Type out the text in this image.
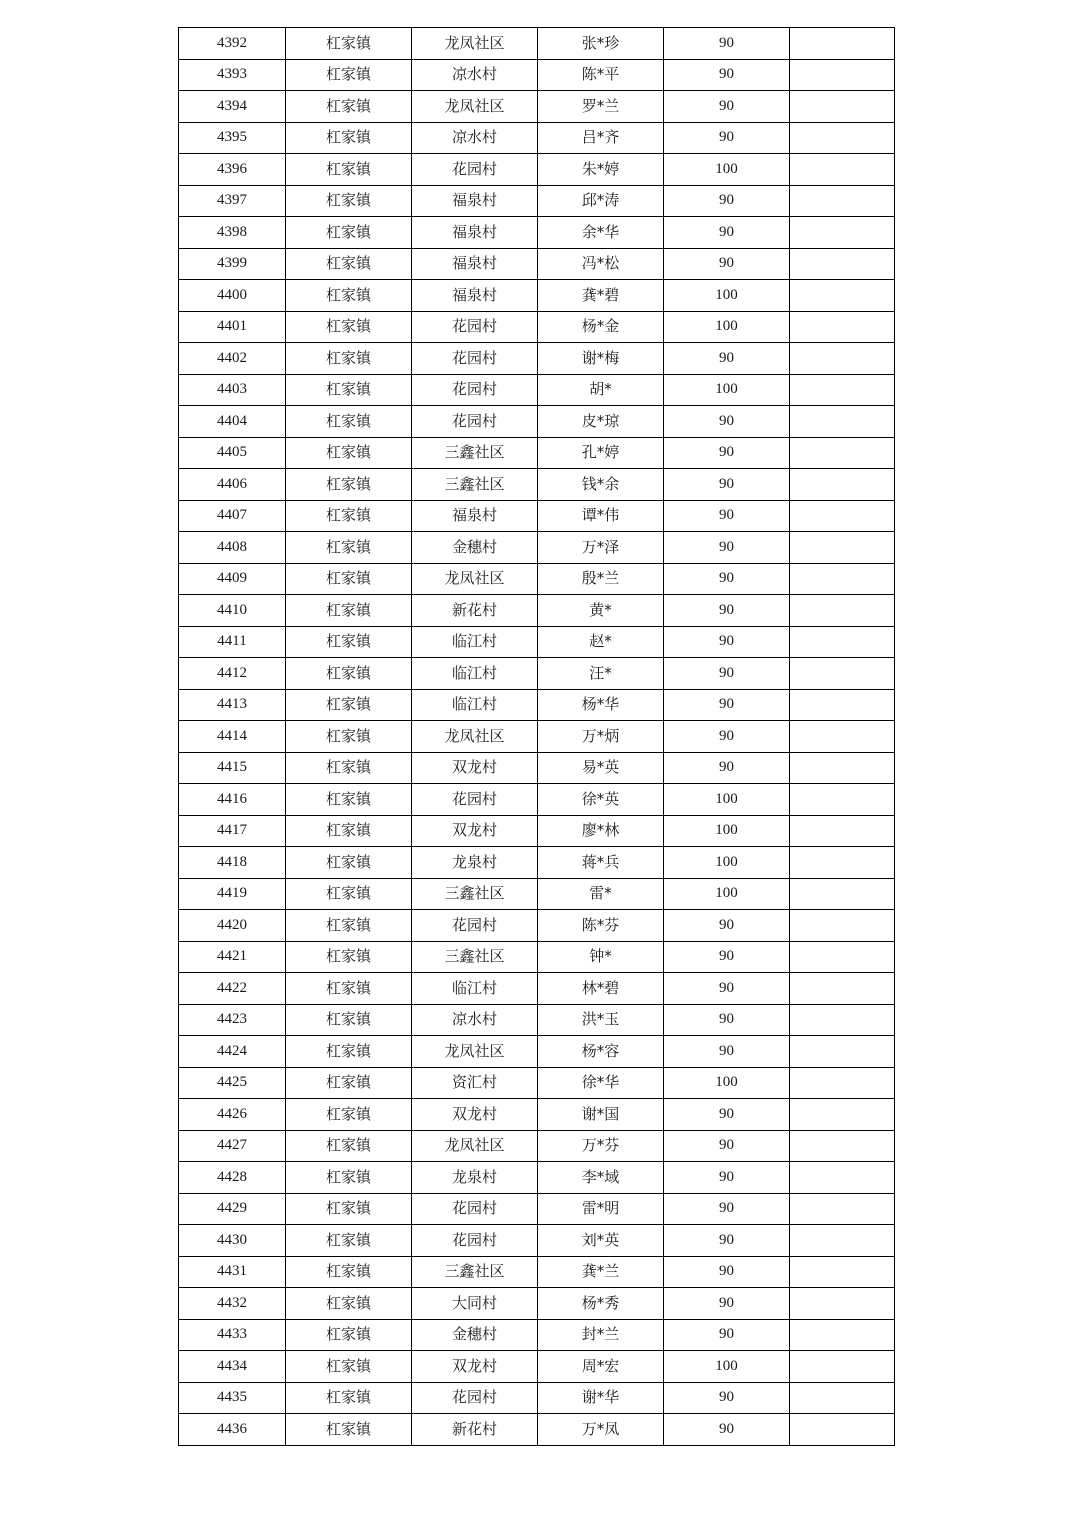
4392	杠家镇	龙凤社区	张*珍	90	
4393	杠家镇	凉水村	陈*平	90	
4394	杠家镇	龙凤社区	罗*兰	90	
4395	杠家镇	凉水村	吕*齐	90	
4396	杠家镇	花园村	朱*婷	100	
4397	杠家镇	福泉村	邱*涛	90	
4398	杠家镇	福泉村	余*华	90	
4399	杠家镇	福泉村	冯*松	90	
4400	杠家镇	福泉村	龚*碧	100	
4401	杠家镇	花园村	杨*金	100	
4402	杠家镇	花园村	谢*梅	90	
4403	杠家镇	花园村	胡*	100	
4404	杠家镇	花园村	皮*琼	90	
4405	杠家镇	三鑫社区	孔*婷	90	
4406	杠家镇	三鑫社区	钱*余	90	
4407	杠家镇	福泉村	谭*伟	90	
4408	杠家镇	金穗村	万*泽	90	
4409	杠家镇	龙凤社区	殷*兰	90	
4410	杠家镇	新花村	黄*	90	
4411	杠家镇	临江村	赵*	90	
4412	杠家镇	临江村	汪*	90	
4413	杠家镇	临江村	杨*华	90	
4414	杠家镇	龙凤社区	万*炳	90	
4415	杠家镇	双龙村	易*英	90	
4416	杠家镇	花园村	徐*英	100	
4417	杠家镇	双龙村	廖*林	100	
4418	杠家镇	龙泉村	蒋*兵	100	
4419	杠家镇	三鑫社区	雷*	100	
4420	杠家镇	花园村	陈*芬	90	
4421	杠家镇	三鑫社区	钟*	90	
4422	杠家镇	临江村	林*碧	90	
4423	杠家镇	凉水村	洪*玉	90	
4424	杠家镇	龙凤社区	杨*容	90	
4425	杠家镇	资汇村	徐*华	100	
4426	杠家镇	双龙村	谢*国	90	
4427	杠家镇	龙凤社区	万*芬	90	
4428	杠家镇	龙泉村	李*域	90	
4429	杠家镇	花园村	雷*明	90	
4430	杠家镇	花园村	刘*英	90	
4431	杠家镇	三鑫社区	龚*兰	90	
4432	杠家镇	大同村	杨*秀	90	
4433	杠家镇	金穗村	封*兰	90	
4434	杠家镇	双龙村	周*宏	100	
4435	杠家镇	花园村	谢*华	90	
4436	杠家镇	新花村	万*凤	90	
